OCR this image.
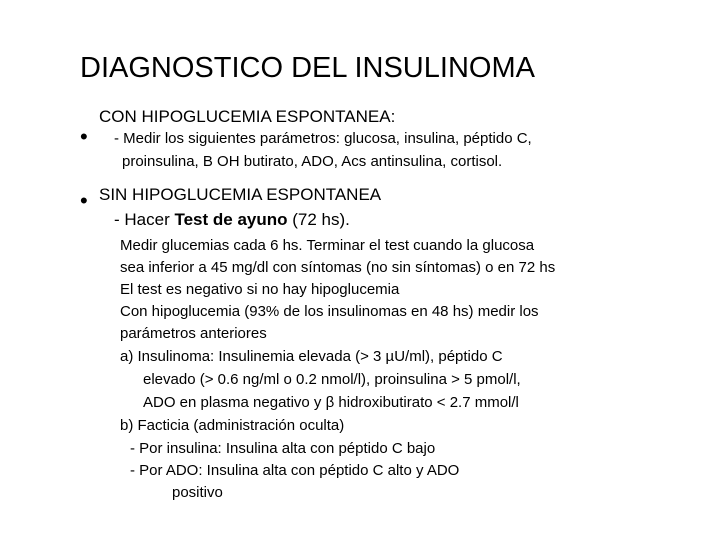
DIAGNOSTICO DEL INSULINOMA
•
CON HIPOGLUCEMIA ESPONTANEA:
- Medir los siguientes parámetros: glucosa, insulina, péptido C,
proinsulina, B OH butirato, ADO, Acs antinsulina, cortisol.
• SIN HIPOGLUCEMIA ESPONTANEA
- Hacer Test de ayuno (72 hs).
Medir glucemias cada 6 hs. Terminar el test cuando la glucosa
sea inferior a 45 mg/dl con síntomas (no sin síntomas) o en 72 hs
El test es negativo si no hay hipoglucemia
Con hipoglucemia (93% de los insulinomas en 48 hs) medir los
parámetros anteriores
a) Insulinoma: Insulinemia elevada (> 3 µU/ml), péptido C
elevado (> 0.6 ng/ml o 0.2 nmol/l), proinsulina > 5 pmol/l,
ADO en plasma negativo y β hidroxibutirato < 2.7 mmol/l
b) Facticia (administración oculta)
- Por insulina: Insulina alta con péptido C bajo
- Por ADO: Insulina alta con péptido C alto y ADO
positivo
